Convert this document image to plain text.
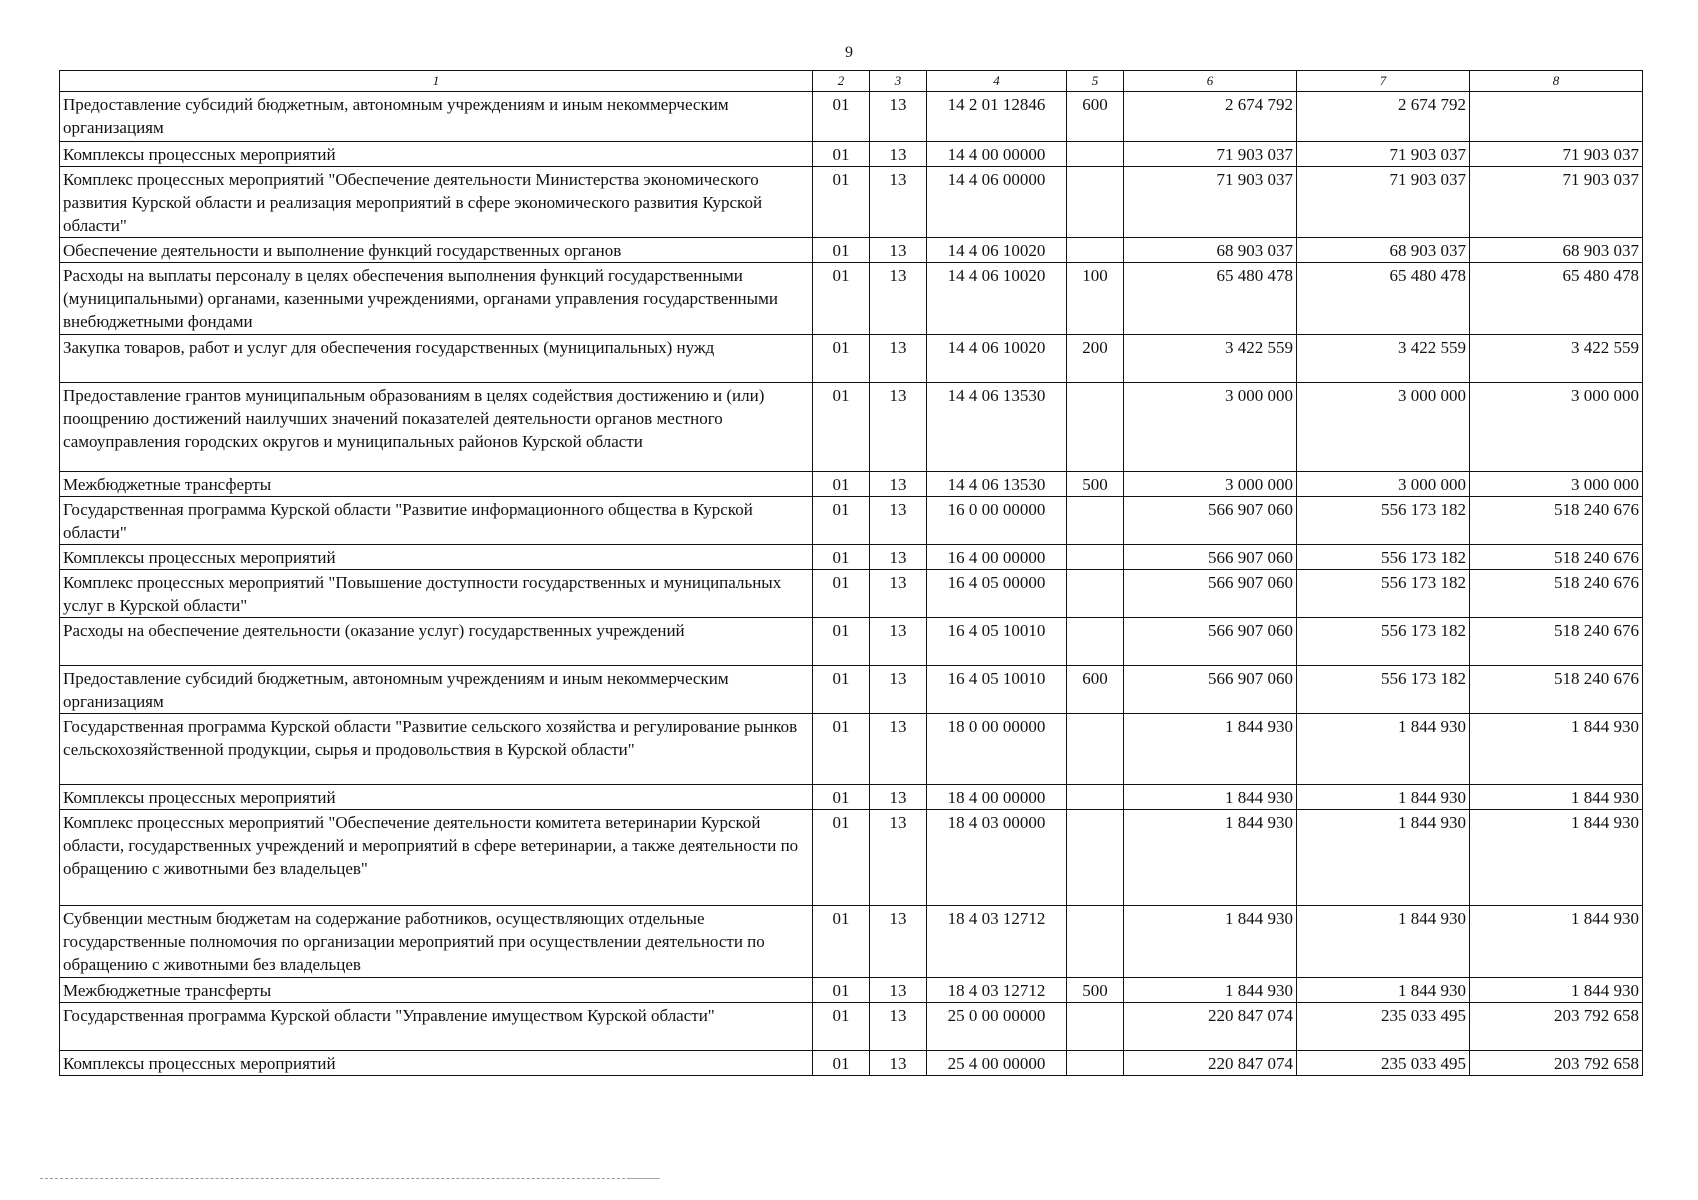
9
1	2	3	4	5	6	7	8
Предоставление субсидий бюджетным, автономным учреждениям и иным некоммерческим организациям	01	13	14 2 01 12846	600	2 674 792	2 674 792	
Комплексы процессных мероприятий	01	13	14 4 00 00000		71 903 037	71 903 037	71 903 037
Комплекс процессных мероприятий "Обеспечение деятельности Министерства экономического развития Курской области и реализация мероприятий в сфере экономического развития Курской области"	01	13	14 4 06 00000		71 903 037	71 903 037	71 903 037
Обеспечение деятельности и выполнение функций государственных органов	01	13	14 4 06 10020		68 903 037	68 903 037	68 903 037
Расходы на выплаты персоналу в целях обеспечения выполнения функций государственными (муниципальными) органами, казенными учреждениями, органами управления государственными внебюджетными фондами	01	13	14 4 06 10020	100	65 480 478	65 480 478	65 480 478
Закупка товаров, работ и услуг для обеспечения государственных (муниципальных) нужд	01	13	14 4 06 10020	200	3 422 559	3 422 559	3 422 559
Предоставление грантов муниципальным образованиям в целях содействия достижению и (или) поощрению достижений наилучших значений показателей деятельности органов местного самоуправления городских округов и муниципальных районов Курской области	01	13	14 4 06 13530		3 000 000	3 000 000	3 000 000
Межбюджетные трансферты	01	13	14 4 06 13530	500	3 000 000	3 000 000	3 000 000
Государственная программа Курской области "Развитие информационного общества в Курской области"	01	13	16 0 00 00000		566 907 060	556 173 182	518 240 676
Комплексы процессных мероприятий	01	13	16 4 00 00000		566 907 060	556 173 182	518 240 676
Комплекс процессных мероприятий "Повышение доступности государственных и муниципальных услуг в Курской области"	01	13	16 4 05 00000		566 907 060	556 173 182	518 240 676
Расходы на обеспечение деятельности (оказание услуг) государственных учреждений	01	13	16 4 05 10010		566 907 060	556 173 182	518 240 676
Предоставление субсидий бюджетным, автономным учреждениям и иным некоммерческим организациям	01	13	16 4 05 10010	600	566 907 060	556 173 182	518 240 676
Государственная программа Курской области "Развитие сельского хозяйства и регулирование рынков сельскохозяйственной продукции, сырья и продовольствия в Курской области"	01	13	18 0 00 00000		1 844 930	1 844 930	1 844 930
Комплексы процессных мероприятий	01	13	18 4 00 00000		1 844 930	1 844 930	1 844 930
Комплекс процессных мероприятий "Обеспечение деятельности комитета ветеринарии Курской области, государственных учреждений и мероприятий в сфере ветеринарии, а также деятельности по обращению с животными без владельцев"	01	13	18 4 03 00000		1 844 930	1 844 930	1 844 930
Субвенции местным бюджетам на содержание работников, осуществляющих отдельные государственные полномочия по организации мероприятий при осуществлении деятельности по обращению с животными без владельцев	01	13	18 4 03 12712		1 844 930	1 844 930	1 844 930
Межбюджетные трансферты	01	13	18 4 03 12712	500	1 844 930	1 844 930	1 844 930
Государственная программа Курской области "Управление имуществом Курской области"	01	13	25 0 00 00000		220 847 074	235 033 495	203 792 658
Комплексы процессных мероприятий	01	13	25 4 00 00000		220 847 074	235 033 495	203 792 658
